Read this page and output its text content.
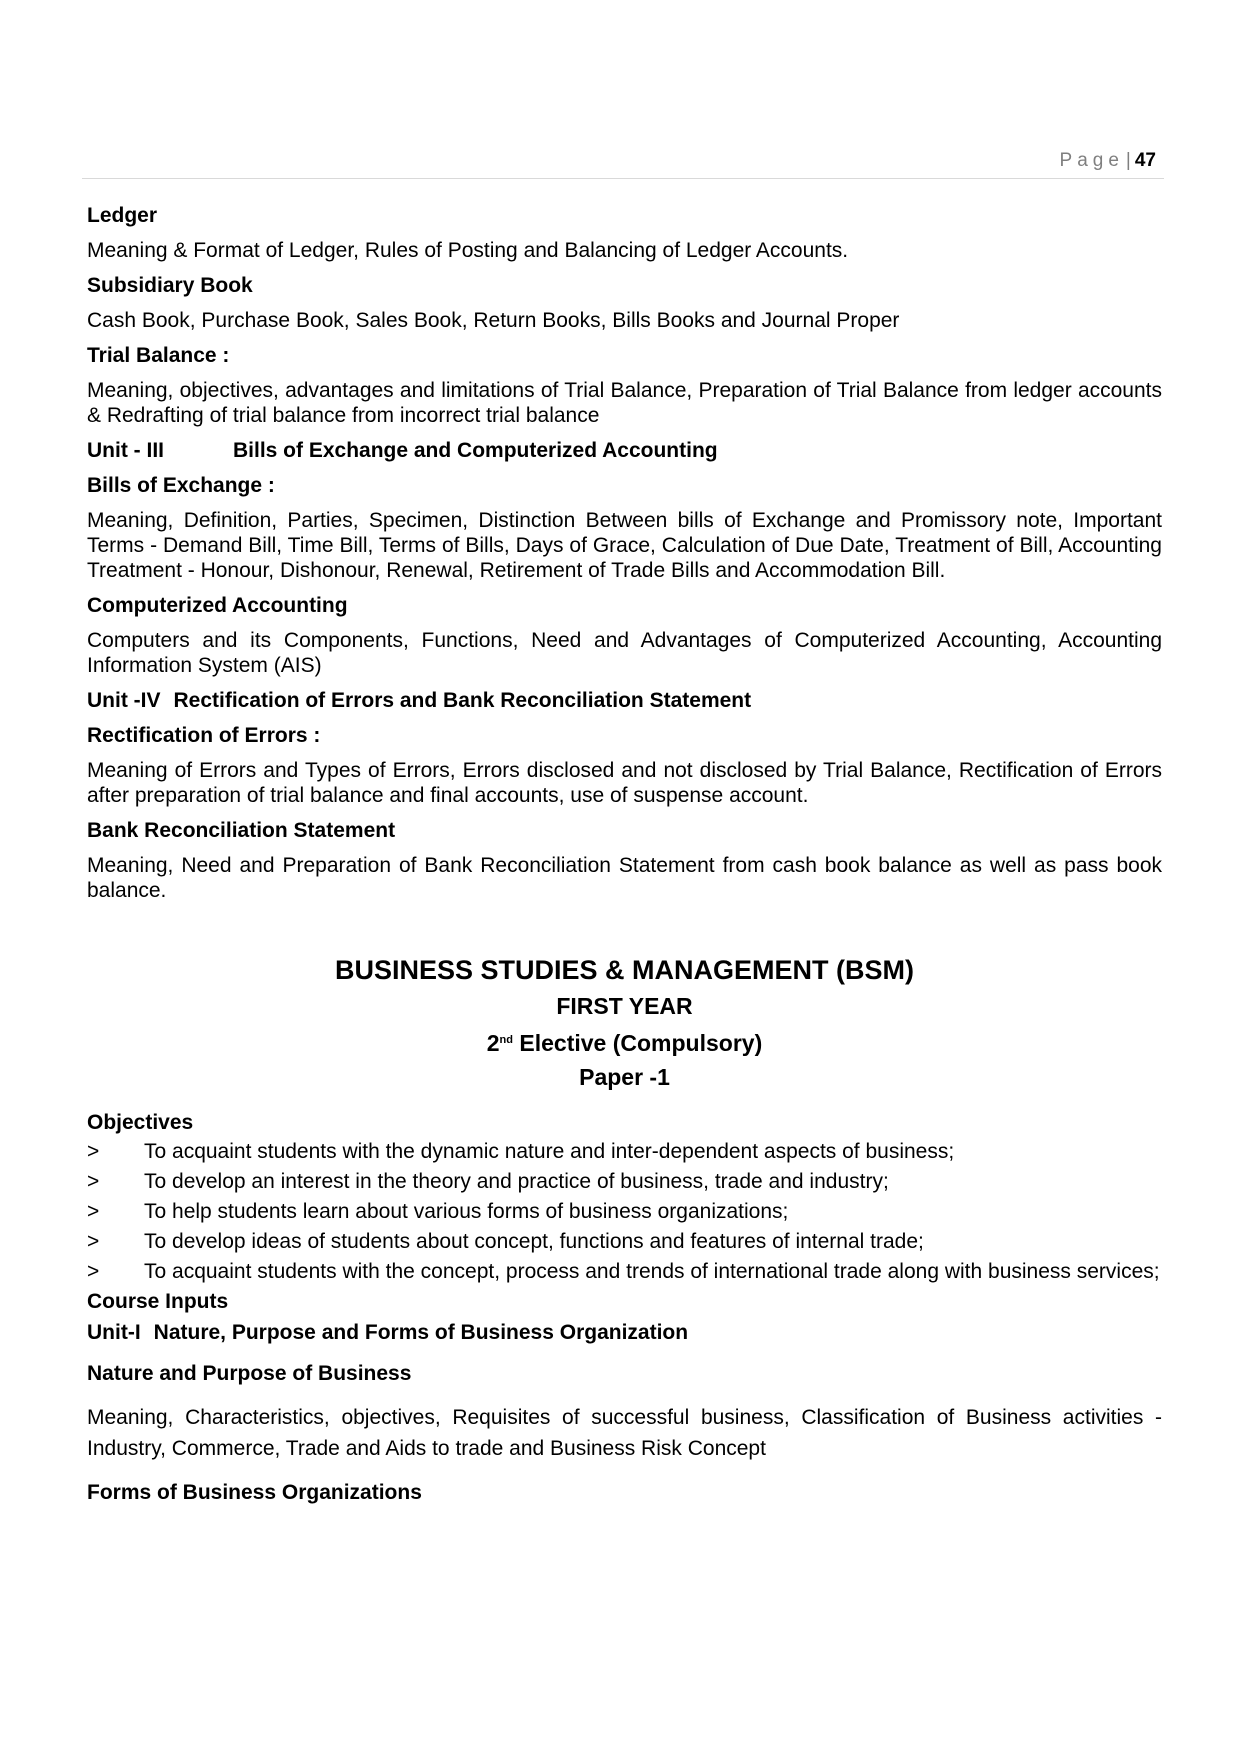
Page | 47
Ledger
Meaning & Format of Ledger, Rules of Posting and Balancing of Ledger Accounts.
Subsidiary Book
Cash Book, Purchase Book, Sales Book, Return Books, Bills Books and Journal Proper
Trial Balance :
Meaning, objectives, advantages and limitations of Trial Balance, Preparation of Trial Balance from ledger accounts & Redrafting of trial balance from incorrect trial balance
Unit - III	Bills of Exchange and Computerized Accounting
Bills of Exchange :
Meaning, Definition, Parties, Specimen, Distinction Between bills of Exchange and Promissory note, Important Terms - Demand Bill, Time Bill, Terms of Bills, Days of Grace, Calculation of Due Date, Treatment of Bill, Accounting Treatment - Honour, Dishonour, Renewal, Retirement of Trade Bills and Accommodation Bill.
Computerized Accounting
Computers and its Components, Functions, Need and Advantages of Computerized Accounting, Accounting Information System (AIS)
Unit -IV Rectification of Errors and Bank Reconciliation Statement
Rectification of Errors :
Meaning of Errors and Types of Errors, Errors disclosed and not disclosed by Trial Balance, Rectification of Errors after preparation of trial balance and final accounts, use of suspense account.
Bank Reconciliation Statement
Meaning, Need and Preparation of Bank Reconciliation Statement from cash book balance as well as pass book balance.
BUSINESS STUDIES & MANAGEMENT (BSM)
FIRST YEAR
2nd Elective (Compulsory)
Paper -1
Objectives
> To acquaint students with the dynamic nature and inter-dependent aspects of business;
> To develop an interest in the theory and practice of business, trade and industry;
> To help students learn about various forms of business organizations;
> To develop ideas of students about concept, functions and features of internal trade;
> To acquaint students with the concept, process and trends of international trade along with business services;
Course Inputs
Unit-I Nature, Purpose and Forms of Business Organization
Nature and Purpose of Business
Meaning, Characteristics, objectives, Requisites of successful business, Classification of Business activities - Industry, Commerce, Trade and Aids to trade and Business Risk Concept
Forms of Business Organizations
